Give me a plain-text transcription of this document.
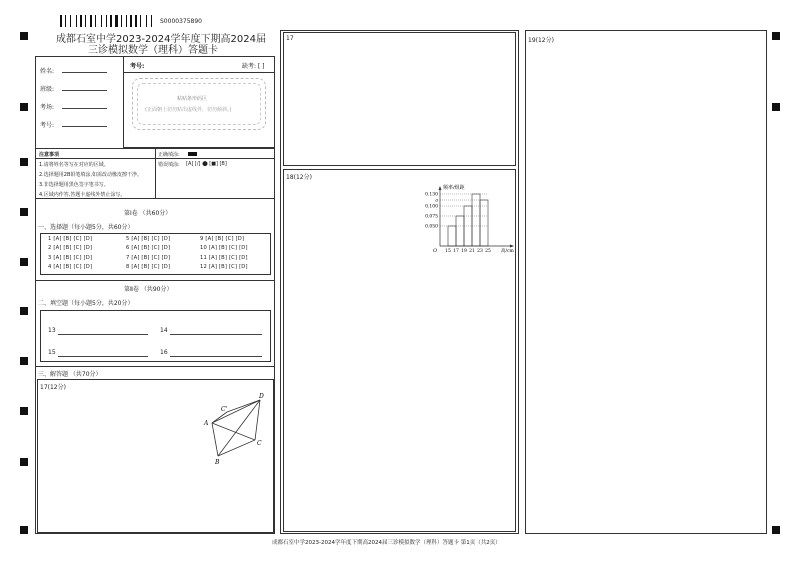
S0000375890
成都石室中学2023-2024学年度下期高2024届
三诊模拟数学（理科）答题卡
姓名:
班级:
考场:
考号:
考号:	缺考: [ ]
粘贴条形码区
(正面朝上切勿贴出虚线外，切勿倾斜。)
注意事项
1.请将姓名等写在对应的区域。
2.选择题用2B铅笔填涂,如需改动橡皮擦干净。
3.非选择题用黑色签字笔书写。
4.区域内作答,答题卡虚线外禁止涂写。
正确填涂:
错误填涂: [A] [/] ⬤ [■] [B]
第Ⅰ卷 （共60分）
一、选择题（每小题5分，共60分）
1 [A] [B] [C] [D]	5 [A] [B] [C] [D]	9 [A] [B] [C] [D]
2 [A] [B] [C] [D]	6 [A] [B] [C] [D]	10 [A] [B] [C] [D]
3 [A] [B] [C] [D]	7 [A] [B] [C] [D]	11 [A] [B] [C] [D]
4 [A] [B] [C] [D]	8 [A] [B] [C] [D]	12 [A] [B] [C] [D]
第Ⅱ卷 （共90分）
二、填空题（每小题5分，共20分）
13	14
15	16
三、解答题 （共70分）
17(12分)
A
B
C
C'
D
17
18(12分)
频率/组距
高/cm
O
0.130
a
0.100
0.075
0.050
15 17 19 21 23 25
19(12分)
成都石室中学2023-2024学年度下期高2024届三诊模拟数学（理科）答题卡 第1页（共2页）
